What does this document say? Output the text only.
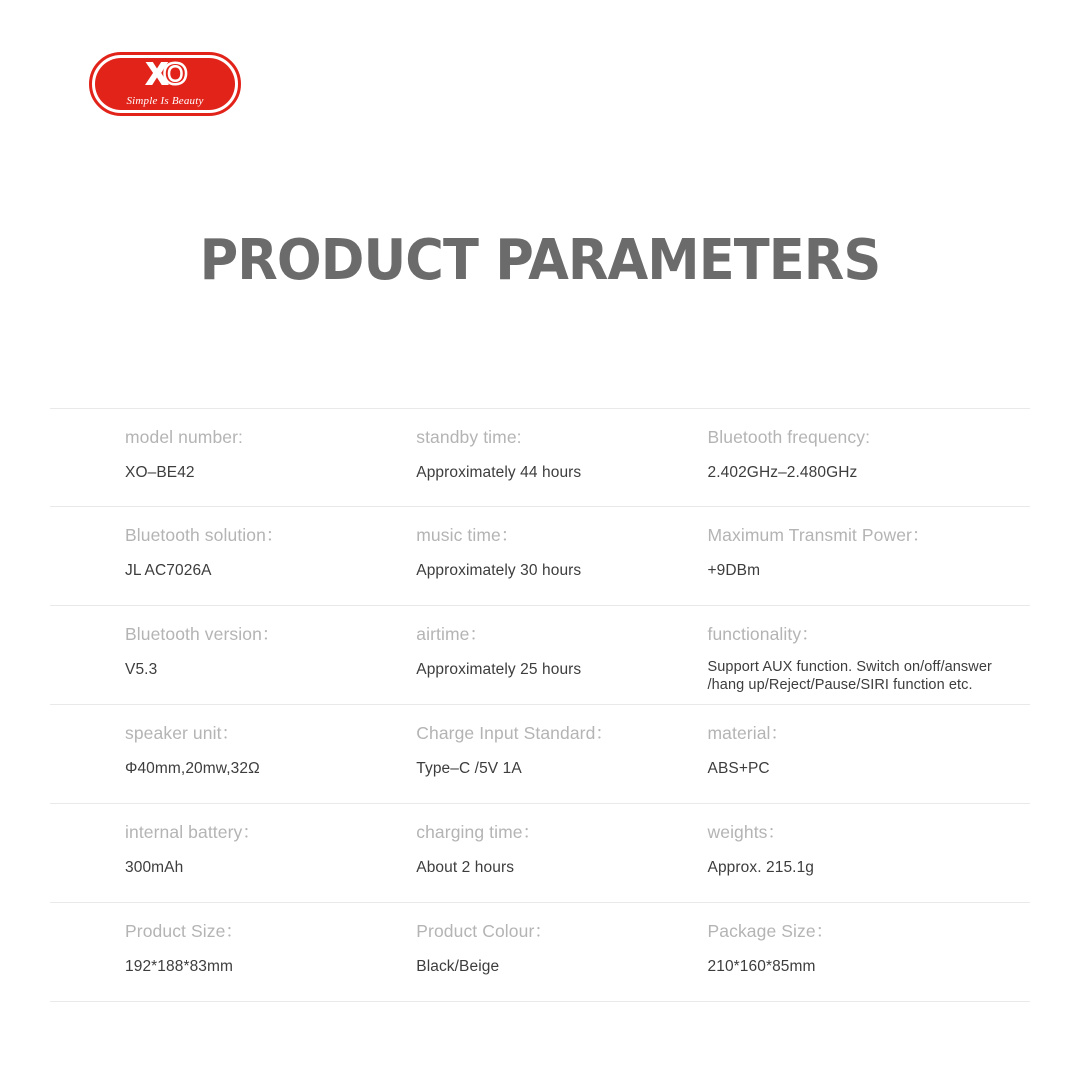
XO
Simple Is Beauty
PRODUCT PARAMETERS
model number:
XO–BE42
standby time:
Approximately 44 hours
Bluetooth frequency:
2.402GHz–2.480GHz
Bluetooth solution：
JL AC7026A
music time：
Approximately 30 hours
Maximum Transmit Power：
+9DBm
Bluetooth version：
V5.3
airtime：
Approximately 25 hours
functionality：
Support AUX function. Switch on/off/answer /hang up/Reject/Pause/SIRI function etc.
speaker unit：
Φ40mm,20mw,32Ω
Charge Input Standard：
Type–C /5V 1A
material：
ABS+PC
internal battery：
300mAh
charging time：
About 2 hours
weights：
Approx. 215.1g
Product Size：
192*188*83mm
Product Colour：
Black/Beige
Package Size：
210*160*85mm
